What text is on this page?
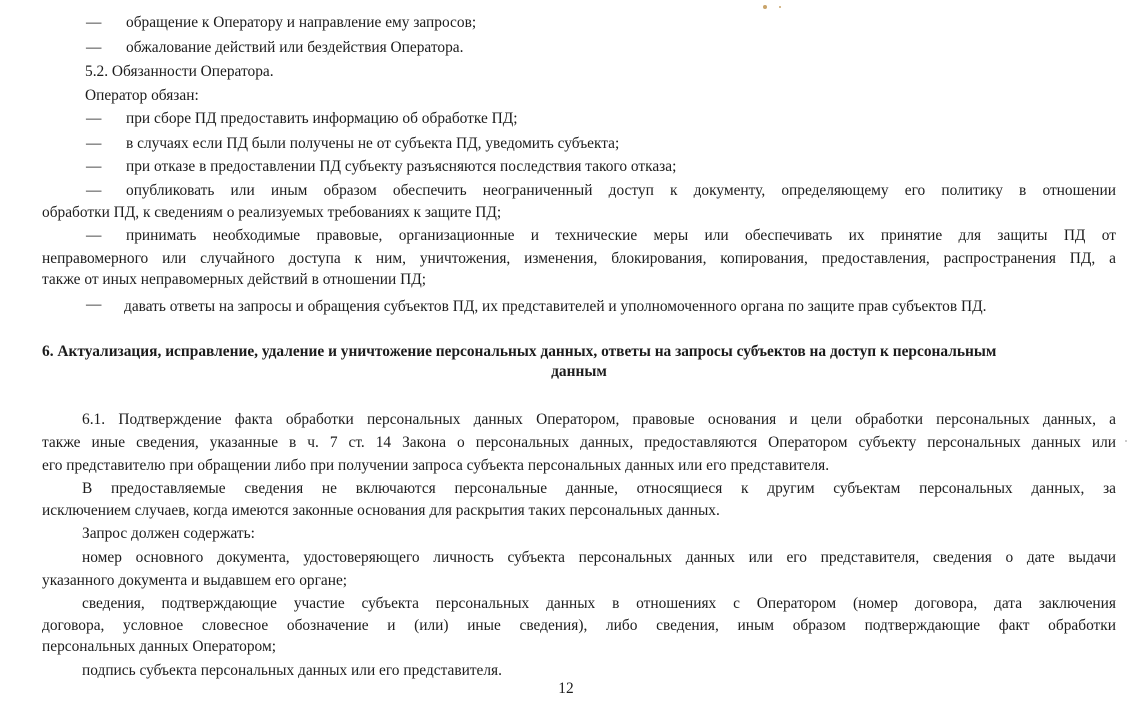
— обращение к Оператору и направление ему запросов;
— обжалование действий или бездействия Оператора.
5.2. Обязанности Оператора.
Оператор обязан:
— при сборе ПД предоставить информацию об обработке ПД;
— в случаях если ПД были получены не от субъекта ПД, уведомить субъекта;
— при отказе в предоставлении ПД субъекту разъясняются последствия такого отказа;
— опубликовать или иным образом обеспечить неограниченный доступ к документу, определяющему его политику в отношении
обработки ПД, к сведениям о реализуемых требованиях к защите ПД;
— принимать необходимые правовые, организационные и технические меры или обеспечивать их принятие для защиты ПД от
неправомерного или случайного доступа к ним, уничтожения, изменения, блокирования, копирования, предоставления, распространения ПД, а
также от иных неправомерных действий в отношении ПД;
— давать ответы на запросы и обращения субъектов ПД, их представителей и уполномоченного органа по защите прав субъектов ПД.
6. Актуализация, исправление, удаление и уничтожение персональных данных, ответы на запросы субъектов на доступ к персональным
данным
6.1. Подтверждение факта обработки персональных данных Оператором, правовые основания и цели обработки персональных данных, а
также иные сведения, указанные в ч. 7 ст. 14 Закона о персональных данных, предоставляются Оператором субъекту персональных данных или
его представителю при обращении либо при получении запроса субъекта персональных данных или его представителя.
В предоставляемые сведения не включаются персональные данные, относящиеся к другим субъектам персональных данных, за
исключением случаев, когда имеются законные основания для раскрытия таких персональных данных.
Запрос должен содержать:
номер основного документа, удостоверяющего личность субъекта персональных данных или его представителя, сведения о дате выдачи
указанного документа и выдавшем его органе;
сведения, подтверждающие участие субъекта персональных данных в отношениях с Оператором (номер договора, дата заключения
договора, условное словесное обозначение и (или) иные сведения), либо сведения, иным образом подтверждающие факт обработки
персональных данных Оператором;
подпись субъекта персональных данных или его представителя.
12
